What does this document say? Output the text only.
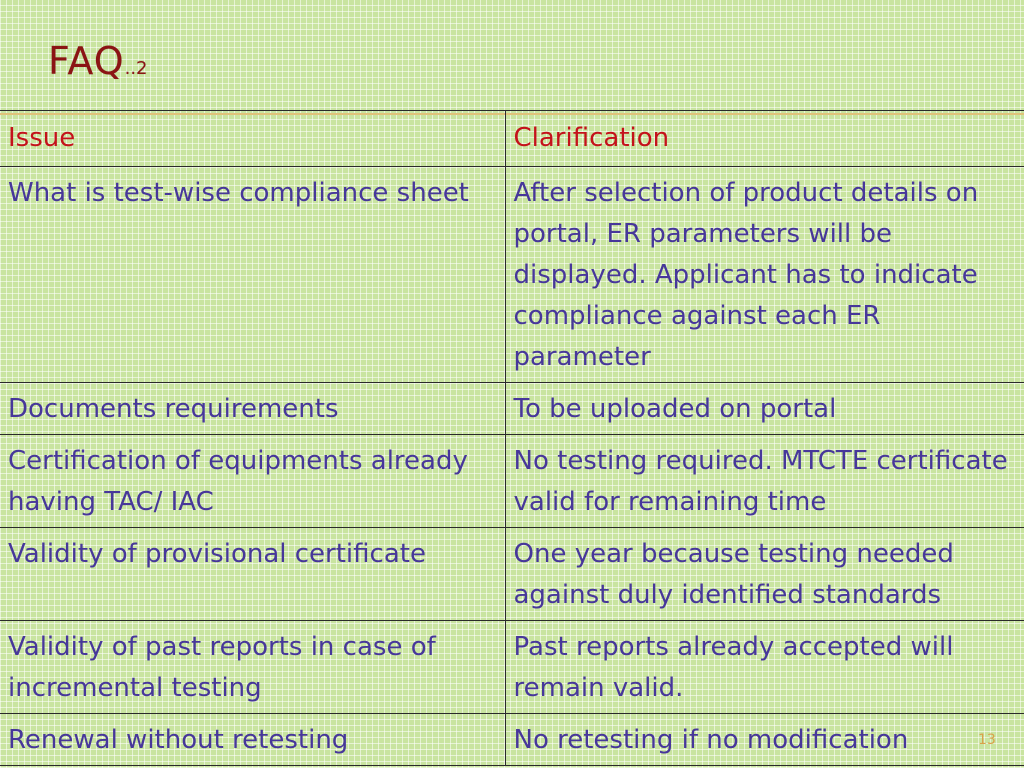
FAQ..2
Issue	Clarification
What is test-wise compliance sheet	After selection of product details on portal, ER parameters will be displayed. Applicant has to indicate compliance against each ER parameter
Documents requirements	To be uploaded on portal
Certification of equipments already having TAC/ IAC	No testing required. MTCTE certificate valid for remaining time
Validity of provisional certificate	One year because testing needed against duly identified standards
Validity of past reports in case of incremental testing	Past reports already accepted will remain valid.
Renewal without retesting	No retesting if no modification	13
